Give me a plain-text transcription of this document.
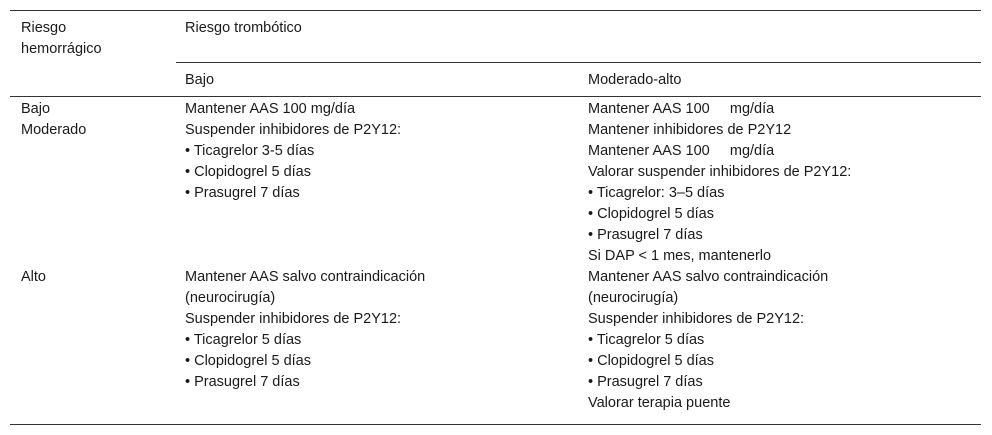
Riesgo
hemorrágico
Riesgo trombótico
Bajo	Moderado-alto
Bajo
Moderado
Alto
Mantener AAS 100 mg/día
Suspender inhibidores de P2Y12:
• Ticagrelor 3-5 días
• Clopidogrel 5 días
• Prasugrel 7 días
Mantener AAS salvo contraindicación
(neurocirugía)
Suspender inhibidores de P2Y12:
• Ticagrelor 5 días
• Clopidogrel 5 días
• Prasugrel 7 días
Mantener AAS 100     mg/día
Mantener inhibidores de P2Y12
Mantener AAS 100     mg/día
Valorar suspender inhibidores de P2Y12:
• Ticagrelor: 3–5 días
• Clopidogrel 5 días
• Prasugrel 7 días
Si DAP < 1 mes, mantenerlo
Mantener AAS salvo contraindicación
(neurocirugía)
Suspender inhibidores de P2Y12:
• Ticagrelor 5 días
• Clopidogrel 5 días
• Prasugrel 7 días
Valorar terapia puente
